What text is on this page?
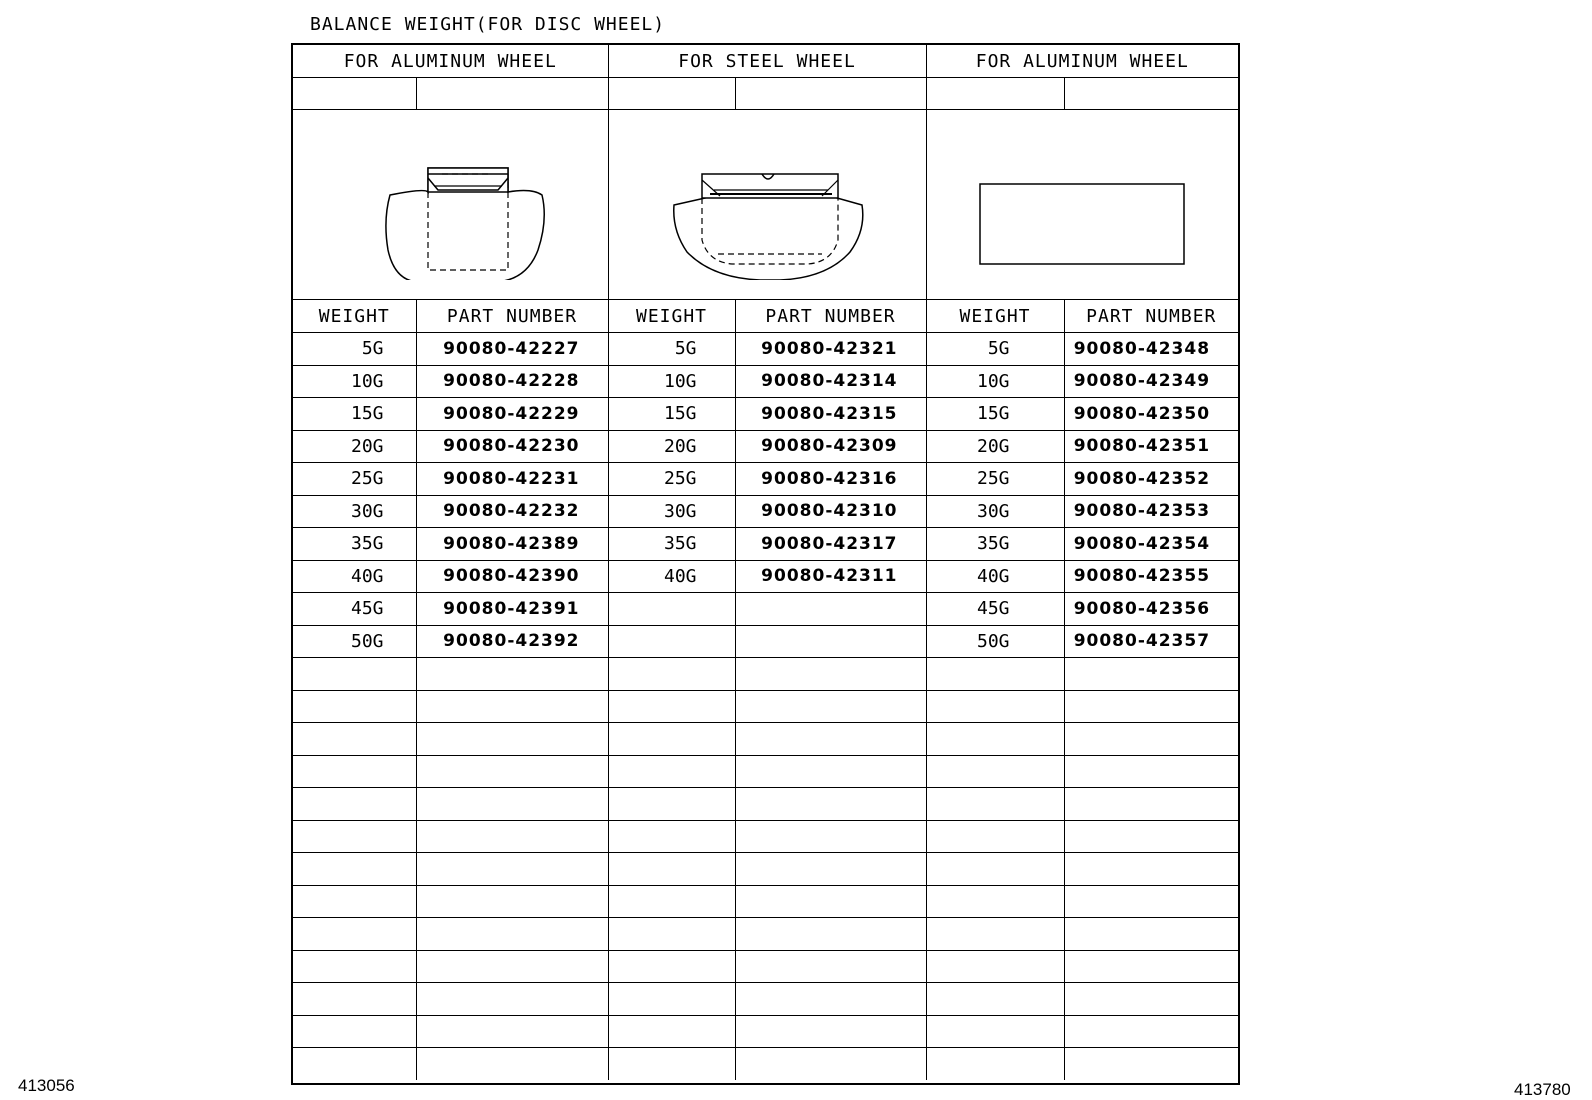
BALANCE WEIGHT(FOR DISC WHEEL)
FOR ALUMINUM WHEEL		FOR STEEL WHEEL		FOR ALUMINUM WHEEL	

WEIGHT	PART NUMBER	WEIGHT	PART NUMBER	WEIGHT	PART NUMBER
5G	90080-42227	5G	90080-42321	5G	90080-42348
10G	90080-42228	10G	90080-42314	10G	90080-42349
15G	90080-42229	15G	90080-42315	15G	90080-42350
20G	90080-42230	20G	90080-42309	20G	90080-42351
25G	90080-42231	25G	90080-42316	25G	90080-42352
30G	90080-42232	30G	90080-42310	30G	90080-42353
35G	90080-42389	35G	90080-42317	35G	90080-42354
40G	90080-42390	40G	90080-42311	40G	90080-42355
45G	90080-42391			45G	90080-42356
50G	90080-42392			50G	90080-42357

413056	413780
